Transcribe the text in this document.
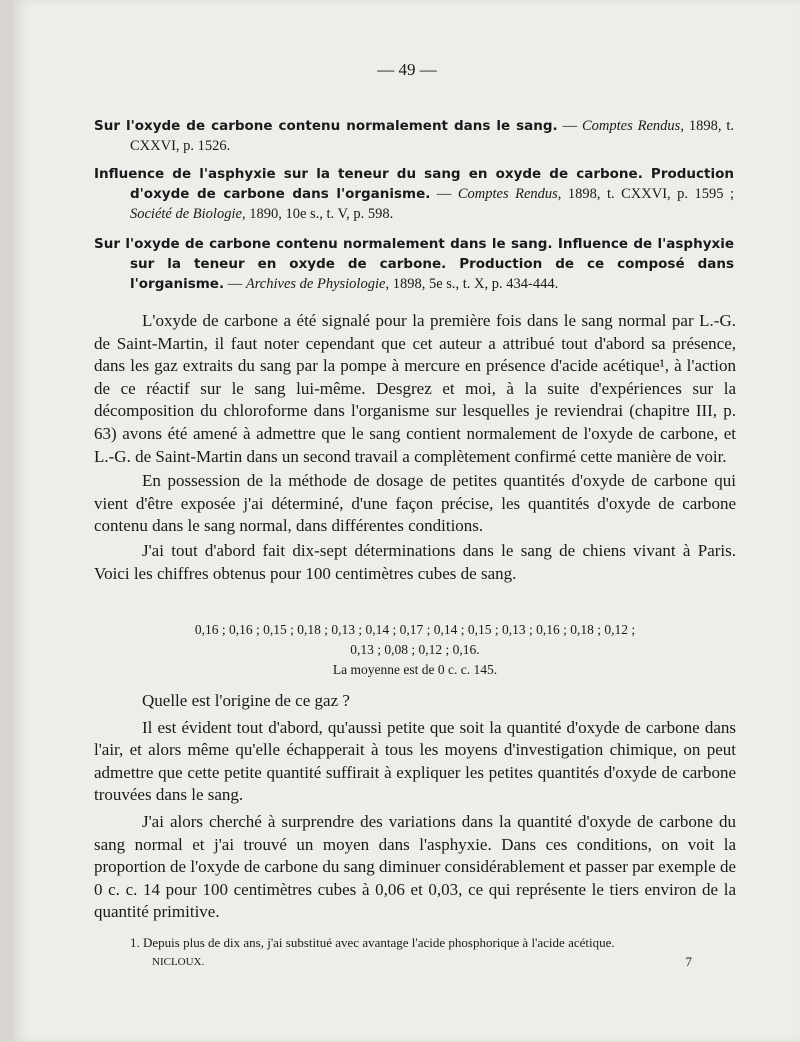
— 49 —

Sur l'oxyde de carbone contenu normalement dans le sang. — Comptes Rendus, 1898, t. CXXVI, p. 1526.

Influence de l'asphyxie sur la teneur du sang en oxyde de carbone. Production d'oxyde de carbone dans l'organisme. — Comptes Rendus, 1898, t. CXXVI, p. 1595 ; Société de Biologie, 1890, 10e s., t. V, p. 598.

Sur l'oxyde de carbone contenu normalement dans le sang. Influence de l'asphyxie sur la teneur en oxyde de carbone. Production de ce composé dans l'organisme. — Archives de Physiologie, 1898, 5e s., t. X, p. 434-444.

L'oxyde de carbone a été signalé pour la première fois dans le sang normal par L.-G. de Saint-Martin, il faut noter cependant que cet auteur a attribué tout d'abord sa présence, dans les gaz extraits du sang par la pompe à mercure en présence d'acide acétique¹, à l'action de ce réactif sur le sang lui-même. Desgrez et moi, à la suite d'expériences sur la décomposition du chloroforme dans l'organisme sur lesquelles je reviendrai (chapitre III, p. 63) avons été amené à admettre que le sang contient normalement de l'oxyde de carbone, et L.-G. de Saint-Martin dans un second travail a complètement confirmé cette manière de voir.

En possession de la méthode de dosage de petites quantités d'oxyde de carbone qui vient d'être exposée j'ai déterminé, d'une façon précise, les quantités d'oxyde de carbone contenu dans le sang normal, dans différentes conditions.

J'ai tout d'abord fait dix-sept déterminations dans le sang de chiens vivant à Paris. Voici les chiffres obtenus pour 100 centimètres cubes de sang.

0,16 ; 0,16 ; 0,15 ; 0,18 ; 0,13 ; 0,14 ; 0,17 ; 0,14 ; 0,15 ; 0,13 ; 0,16 ; 0,18 ; 0,12 ;
0,13 ; 0,08 ; 0,12 ; 0,16.
La moyenne est de 0 c. c. 145.

Quelle est l'origine de ce gaz ?

Il est évident tout d'abord, qu'aussi petite que soit la quantité d'oxyde de carbone dans l'air, et alors même qu'elle échapperait à tous les moyens d'investigation chimique, on peut admettre que cette petite quantité suffirait à expliquer les petites quantités d'oxyde de carbone trouvées dans le sang.

J'ai alors cherché à surprendre des variations dans la quantité d'oxyde de carbone du sang normal et j'ai trouvé un moyen dans l'asphyxie. Dans ces conditions, on voit la proportion de l'oxyde de carbone du sang diminuer considérablement et passer par exemple de 0 c. c. 14 pour 100 centimètres cubes à 0,06 et 0,03, ce qui représente le tiers environ de la quantité primitive.

1. Depuis plus de dix ans, j'ai substitué avec avantage l'acide phosphorique à l'acide acétique.

NICLOUX.	7
